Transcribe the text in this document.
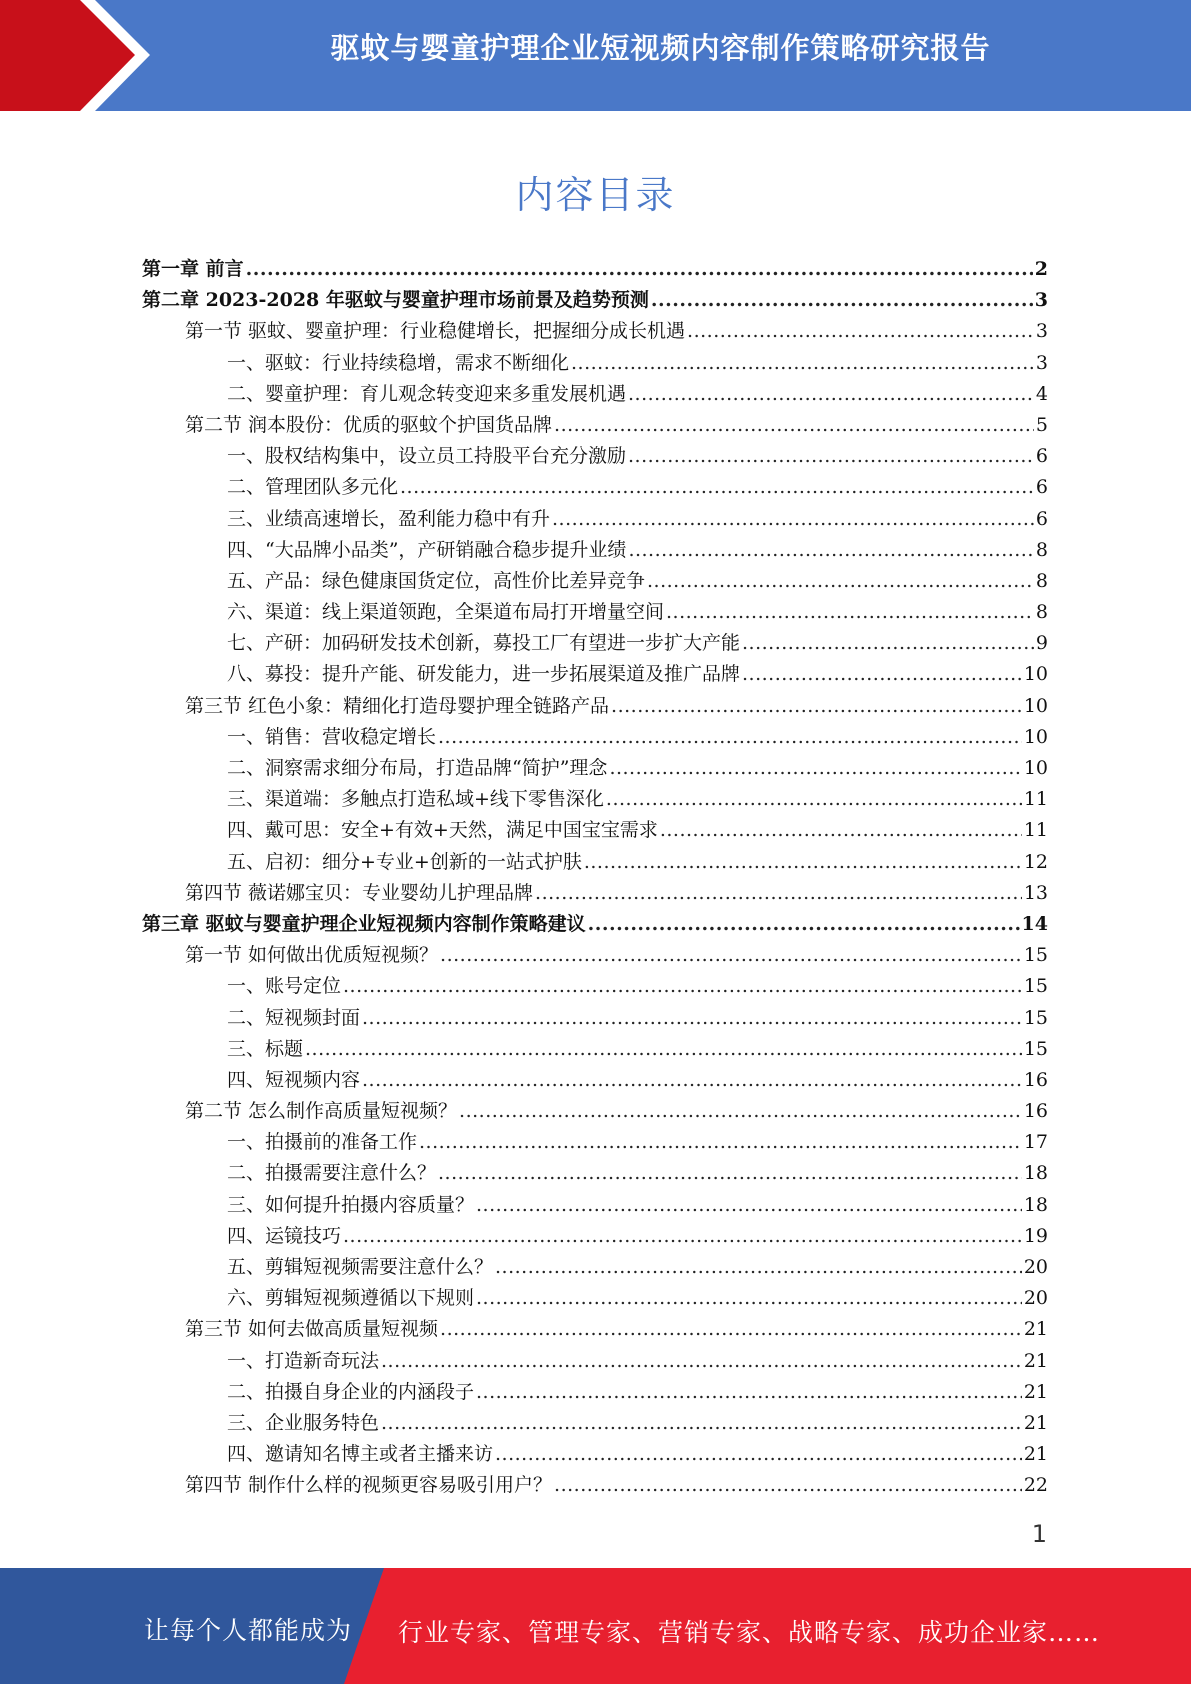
驱蚊与婴童护理企业短视频内容制作策略研究报告
内容目录
第一章 前言 .....	2
第二章 2023-2028 年驱蚊与婴童护理市场前景及趋势预测 .....	3
第一节 驱蚊、婴童护理：行业稳健增长，把握细分成长机遇 .....	3
一、驱蚊：行业持续稳增，需求不断细化 .....	3
二、婴童护理：育儿观念转变迎来多重发展机遇 .....	4
第二节 润本股份：优质的驱蚊个护国货品牌 .....	5
一、股权结构集中，设立员工持股平台充分激励 .....	6
二、管理团队多元化 .....	6
三、业绩高速增长，盈利能力稳中有升 .....	6
四、“大品牌小品类”，产研销融合稳步提升业绩 .....	8
五、产品：绿色健康国货定位，高性价比差异竞争 .....	8
六、渠道：线上渠道领跑，全渠道布局打开增量空间 .....	8
七、产研：加码研发技术创新，募投工厂有望进一步扩大产能 .....	9
八、募投：提升产能、研发能力，进一步拓展渠道及推广品牌 .....	10
第三节 红色小象：精细化打造母婴护理全链路产品 .....	10
一、销售：营收稳定增长 .....	10
二、洞察需求细分布局，打造品牌“简护”理念 .....	10
三、渠道端：多触点打造私域+线下零售深化 .....	11
四、戴可思：安全+有效+天然，满足中国宝宝需求 .....	11
五、启初：细分+专业+创新的一站式护肤 .....	12
第四节 薇诺娜宝贝：专业婴幼儿护理品牌 .....	13
第三章 驱蚊与婴童护理企业短视频内容制作策略建议 .....	14
第一节 如何做出优质短视频？ .....	15
一、账号定位 .....	15
二、短视频封面 .....	15
三、标题 .....	15
四、短视频内容 .....	16
第二节 怎么制作高质量短视频？ .....	16
一、拍摄前的准备工作 .....	17
二、拍摄需要注意什么？ .....	18
三、如何提升拍摄内容质量？ .....	18
四、运镜技巧 .....	19
五、剪辑短视频需要注意什么？ .....	20
六、剪辑短视频遵循以下规则 .....	20
第三节 如何去做高质量短视频 .....	21
一、打造新奇玩法 .....	21
二、拍摄自身企业的内涵段子 .....	21
三、企业服务特色 .....	21
四、邀请知名博主或者主播来访 .....	21
第四节 制作什么样的视频更容易吸引用户？ .....	22
1
让每个人都能成为 行业专家、管理专家、营销专家、战略专家、成功企业家……
